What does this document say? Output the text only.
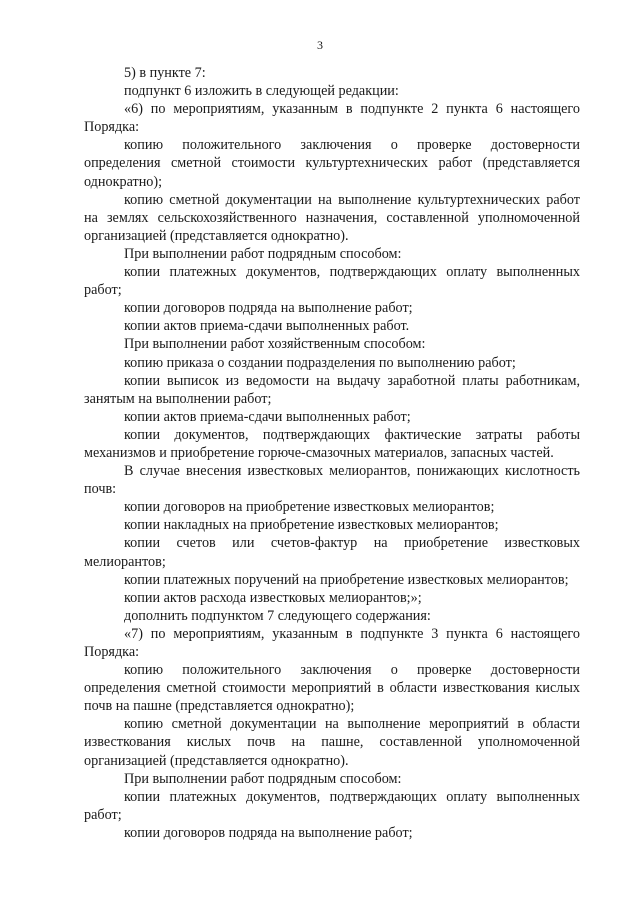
3

5) в пункте 7:

подпункт 6 изложить в следующей редакции:

«6) по мероприятиям, указанным в подпункте 2 пункта 6 настоящего Порядка:

копию положительного заключения о проверке достоверности определения сметной стоимости культуртехнических работ (представляется однократно);

копию сметной документации на выполнение культуртехнических работ на землях сельскохозяйственного назначения, составленной уполномоченной организацией (представляется однократно).

При выполнении работ подрядным способом:

копии платежных документов, подтверждающих оплату выполненных работ;

копии договоров подряда на выполнение работ;

копии актов приема-сдачи выполненных работ.

При выполнении работ хозяйственным способом:

копию приказа о создании подразделения по выполнению работ;

копии выписок из ведомости на выдачу заработной платы работникам, занятым на выполнении работ;

копии актов приема-сдачи выполненных работ;

копии документов, подтверждающих фактические затраты работы механизмов и приобретение горюче-смазочных материалов, запасных частей.

В случае внесения известковых мелиорантов, понижающих кислотность почв:

копии договоров на приобретение известковых мелиорантов;

копии накладных на приобретение известковых мелиорантов;

копии счетов или счетов-фактур на приобретение известковых мелиорантов;

копии платежных поручений на приобретение известковых мелиорантов;

копии актов расхода известковых мелиорантов;»;

дополнить подпунктом 7 следующего содержания:

«7) по мероприятиям, указанным в подпункте 3 пункта 6 настоящего Порядка:

копию положительного заключения о проверке достоверности определения сметной стоимости мероприятий в области известкования кислых почв на пашне (представляется однократно);

копию сметной документации на выполнение мероприятий в области известкования кислых почв на пашне, составленной уполномоченной организацией (представляется однократно).

При выполнении работ подрядным способом:

копии платежных документов, подтверждающих оплату выполненных работ;

копии договоров подряда на выполнение работ;
